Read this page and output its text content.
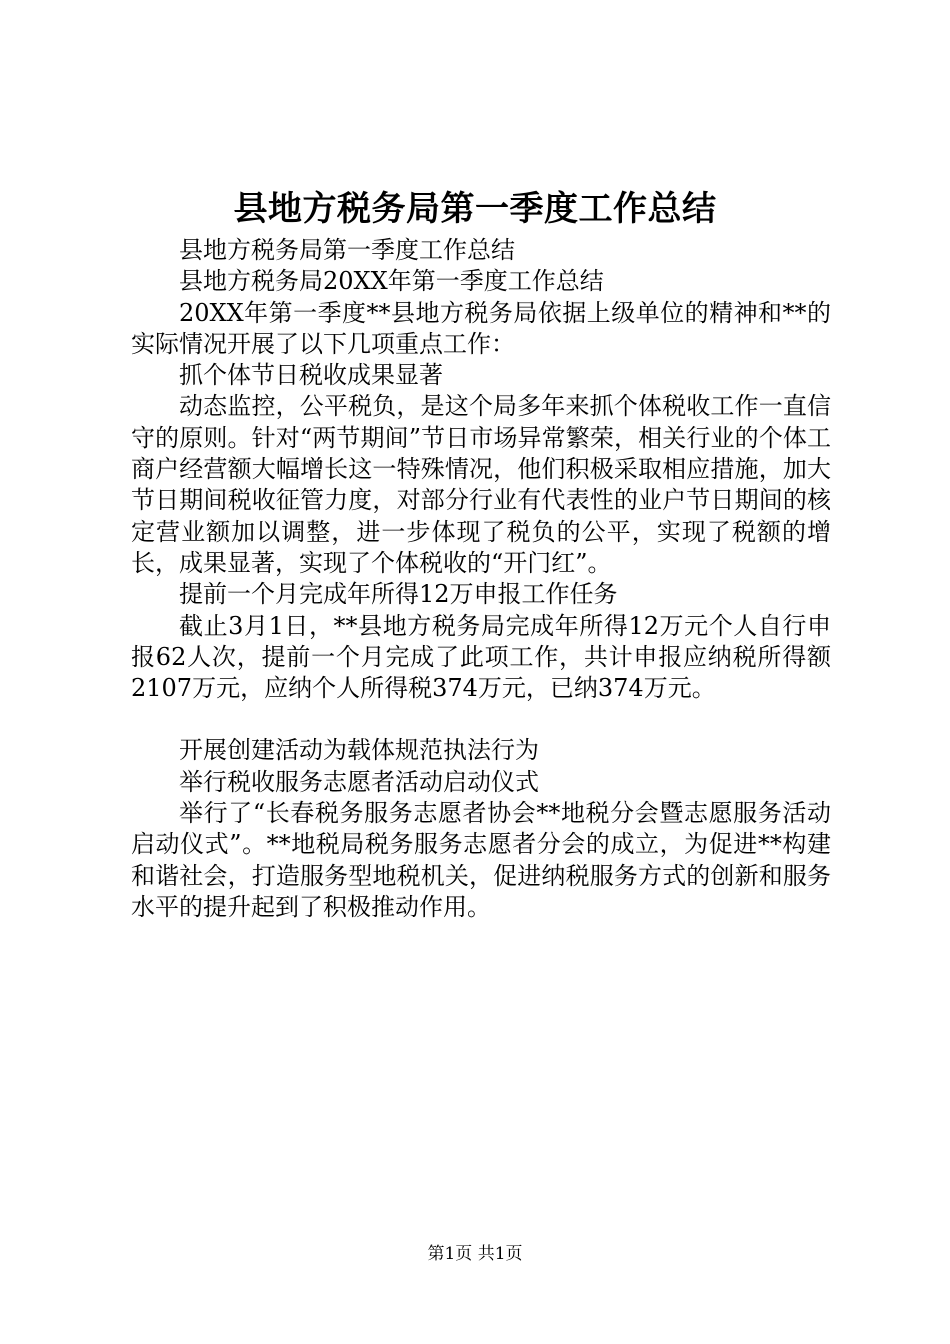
县地方税务局第一季度工作总结

县地方税务局第一季度工作总结

县地方税务局20XX年第一季度工作总结

20XX年第一季度**县地方税务局依据上级单位的精神和**的实际情况开展了以下几项重点工作：

抓个体节日税收成果显著

动态监控，公平税负，是这个局多年来抓个体税收工作一直信守的原则。针对“两节期间”节日市场异常繁荣，相关行业的个体工商户经营额大幅增长这一特殊情况，他们积极采取相应措施，加大节日期间税收征管力度，对部分行业有代表性的业户节日期间的核定营业额加以调整，进一步体现了税负的公平，实现了税额的增长，成果显著，实现了个体税收的“开门红”。

提前一个月完成年所得12万申报工作任务

截止3月1日，**县地方税务局完成年所得12万元个人自行申报62人次，提前一个月完成了此项工作，共计申报应纳税所得额2107万元，应纳个人所得税374万元，已纳374万元。

开展创建活动为载体规范执法行为

举行税收服务志愿者活动启动仪式

举行了“长春税务服务志愿者协会**地税分会暨志愿服务活动启动仪式”。**地税局税务服务志愿者分会的成立，为促进**构建和谐社会，打造服务型地税机关，促进纳税服务方式的创新和服务水平的提升起到了积极推动作用。

第1页 共1页
